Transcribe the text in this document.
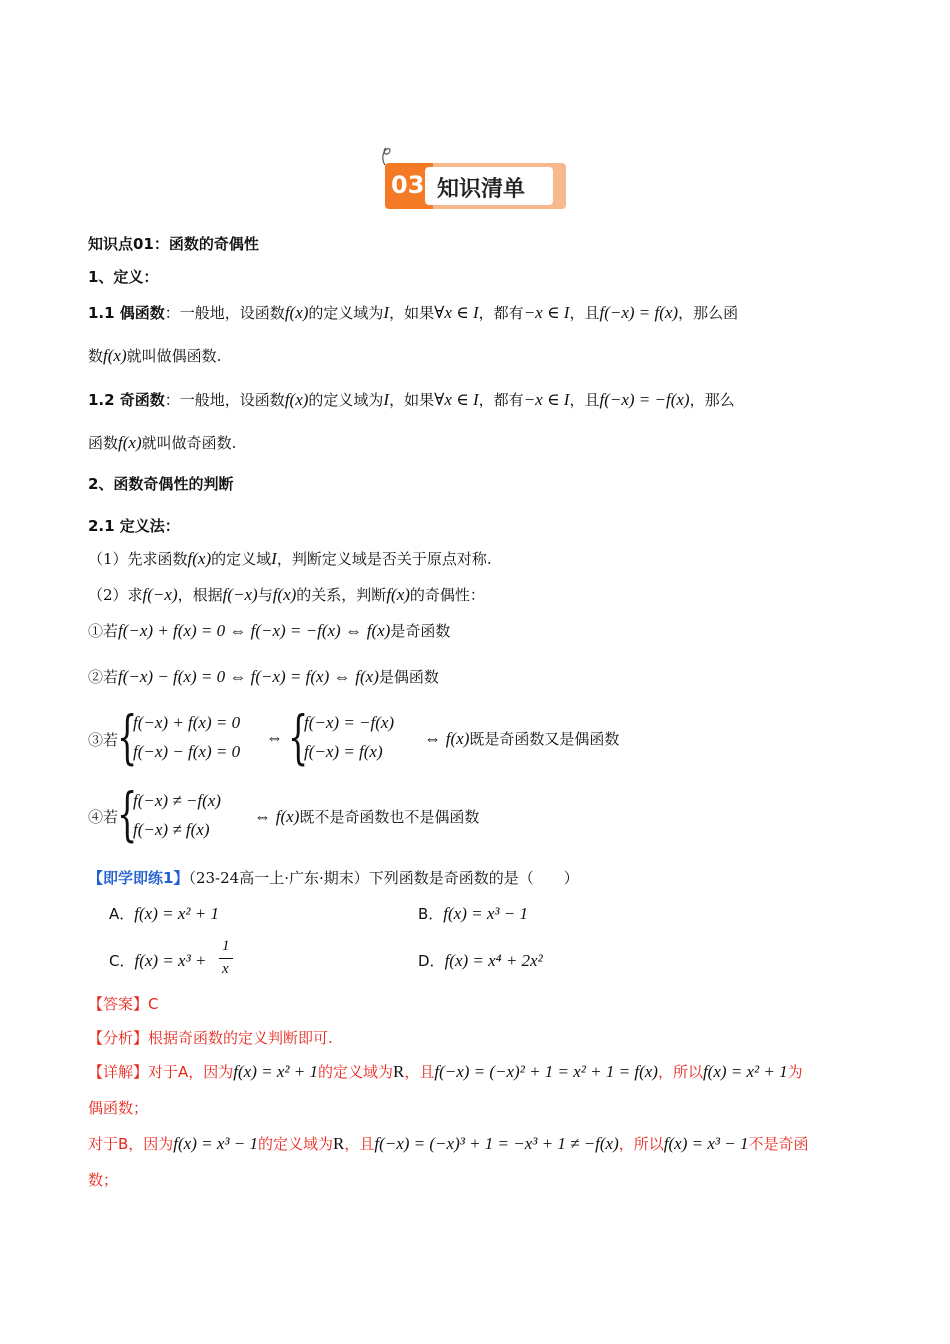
03 知识清单
知识点01：函数的奇偶性
1、定义：
1.1 偶函数：一般地，设函数f(x)的定义域为I，如果∀x ∈ I，都有−x ∈ I，且f(−x) = f(x)，那么函
数f(x)就叫做偶函数.
1.2 奇函数：一般地，设函数f(x)的定义域为I，如果∀x ∈ I，都有−x ∈ I，且f(−x) = −f(x)，那么
函数f(x)就叫做奇函数.
2、函数奇偶性的判断
2.1 定义法：
（1）先求函数f(x)的定义域I，判断定义域是否关于原点对称.
（2）求f(−x)，根据f(−x)与f(x)的关系，判断f(x)的奇偶性：
①若f(−x) + f(x) = 0 ⇔ f(−x) = −f(x) ⇔ f(x)是奇函数
②若f(−x) − f(x) = 0 ⇔ f(−x) = f(x) ⇔ f(x)是偶函数
③若
{
f(−x) + f(x) = 0
f(−x) − f(x) = 0
⇔ {
f(−x) = −f(x)
f(−x) = f(x)
⇔ f(x)既是奇函数又是偶函数
④若
{
f(−x) ≠ −f(x)
f(−x) ≠ f(x)
⇔ f(x)既不是奇函数也不是偶函数
【即学即练1】（23-24高一上·广东·期末）下列函数是奇函数的是（　　）
A．f(x) = x² + 1	B．f(x) = x³ − 1
C．f(x) = x³ +
1
x	D．f(x) = x⁴ + 2x²
【答案】C
【分析】根据奇函数的定义判断即可.
【详解】对于A，因为f(x) = x² + 1的定义域为R，且f(−x) = (−x)² + 1 = x² + 1 = f(x)，所以f(x) = x² + 1为
偶函数；
对于B，因为f(x) = x³ − 1的定义域为R，且f(−x) = (−x)³ + 1 = −x³ + 1 ≠ −f(x)，所以f(x) = x³ − 1不是奇函
数；
